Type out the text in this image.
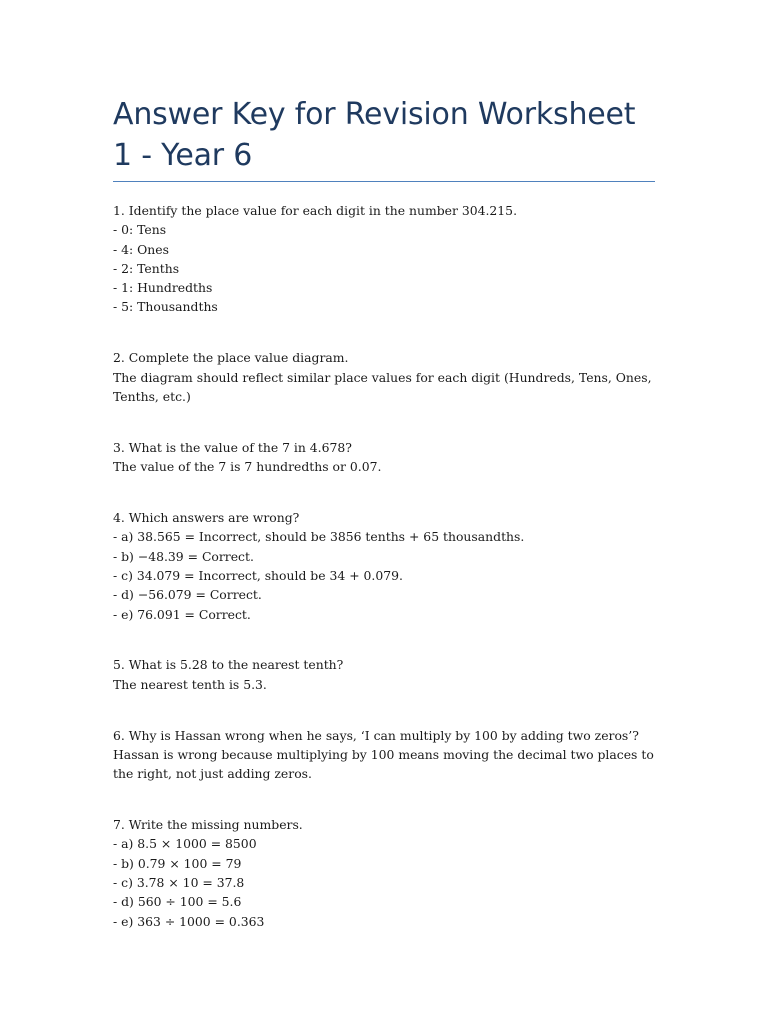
Answer Key for Revision Worksheet 1 - Year 6
1. Identify the place value for each digit in the number 304.215.
- 0: Tens
- 4: Ones
- 2: Tenths
- 1: Hundredths
- 5: Thousandths
2. Complete the place value diagram.
The diagram should reflect similar place values for each digit (Hundreds, Tens, Ones, Tenths, etc.)
3. What is the value of the 7 in 4.678?
The value of the 7 is 7 hundredths or 0.07.
4. Which answers are wrong?
- a) 38.565 = Incorrect, should be 3856 tenths + 65 thousandths.
- b) −48.39 = Correct.
- c) 34.079 = Incorrect, should be 34 + 0.079.
- d) −56.079 = Correct.
- e) 76.091 = Correct.
5. What is 5.28 to the nearest tenth?
The nearest tenth is 5.3.
6. Why is Hassan wrong when he says, ‘I can multiply by 100 by adding two zeros’?
Hassan is wrong because multiplying by 100 means moving the decimal two places to the right, not just adding zeros.
7. Write the missing numbers.
- a) 8.5 × 1000 = 8500
- b) 0.79 × 100 = 79
- c) 3.78 × 10 = 37.8
- d) 560 ÷ 100 = 5.6
- e) 363 ÷ 1000 = 0.363
